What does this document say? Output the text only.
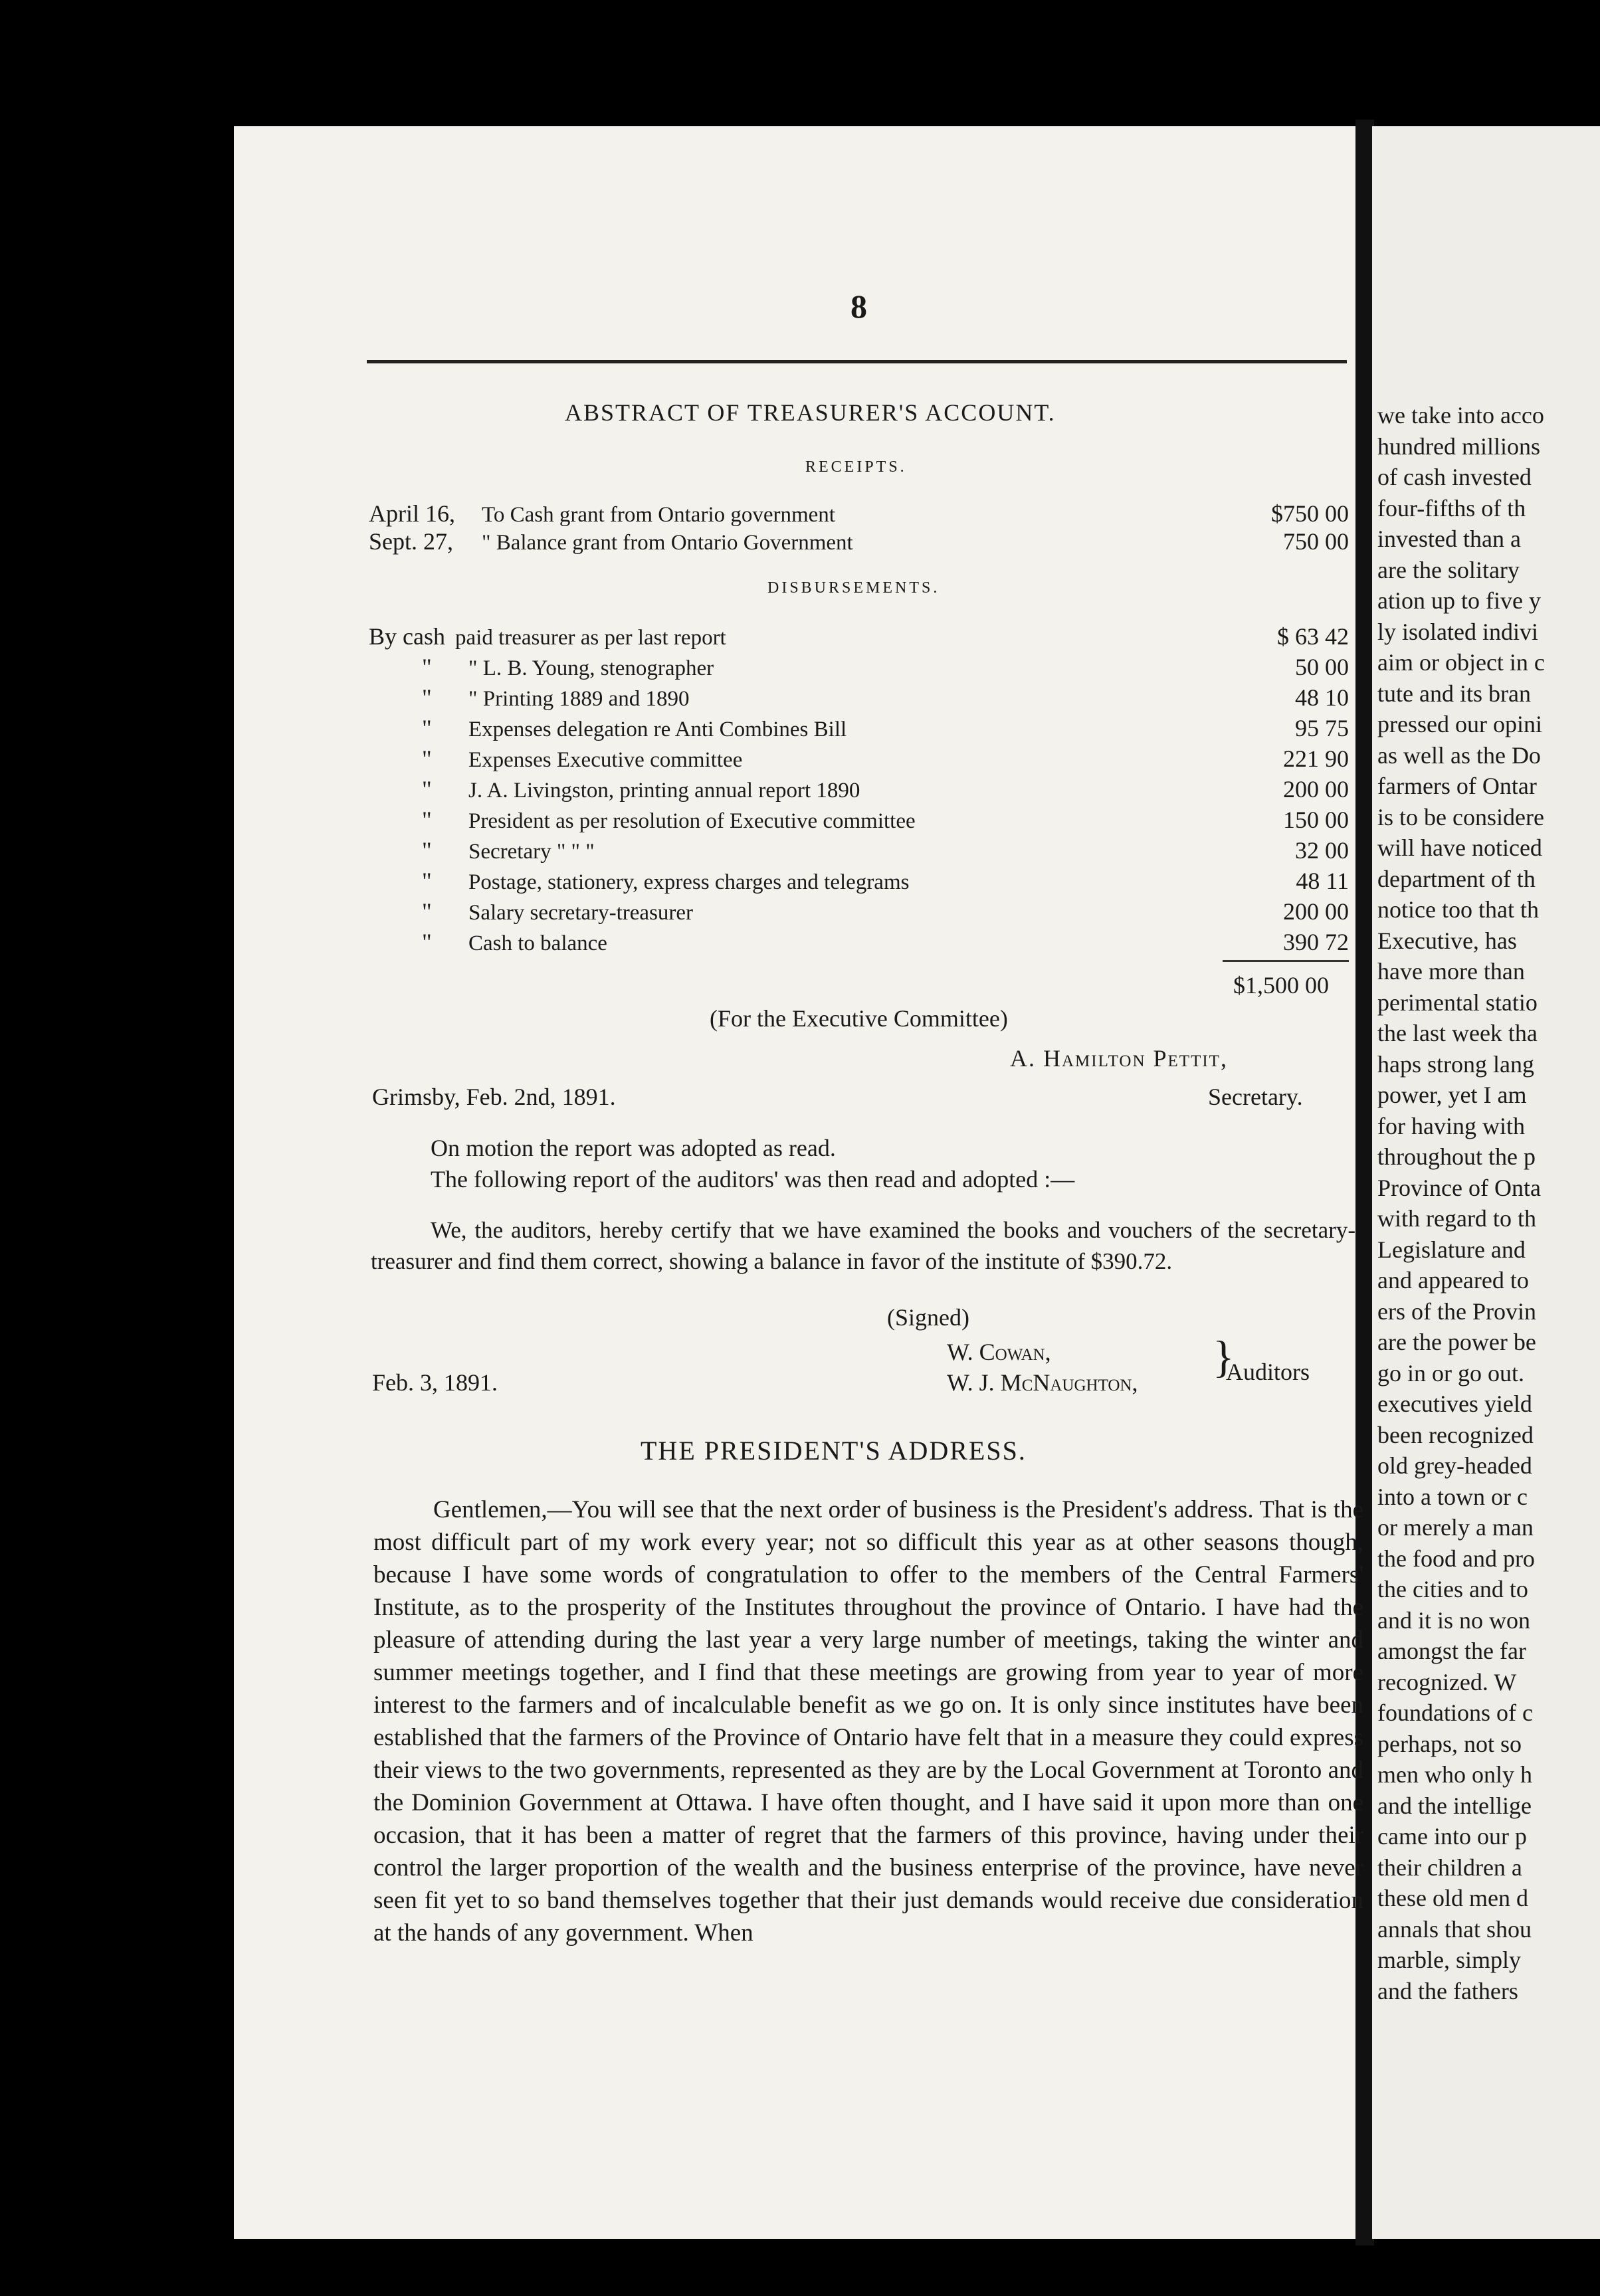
we take into acco
hundred millions
of cash invested
four-fifths of th
invested than a
are the solitary
ation up to five y
ly isolated indivi
aim or object in c
tute and its bran
pressed our opini
as well as the Do
farmers of Ontar
is to be considere
will have noticed
department of th
notice too that th
Executive, has
have more than
perimental statio
the last week tha
haps strong lang
power, yet I am
for having with
throughout the p
Province of Onta
with regard to th
Legislature and
and appeared to
ers of the Provin
are the power be
go in or go out.
executives yield
been recognized
old grey-headed
into a town or c
or merely a man
the food and pro
the cities and to
and it is no won
amongst the far
recognized. W
foundations of c
perhaps, not so
men who only h
and the intellige
came into our p
their children a
these old men d
annals that shou
marble, simply
and the fathers
8
ABSTRACT OF TREASURER'S ACCOUNT.
RECEIPTS.
April 16, To Cash grant from Ontario government	$750 00
Sept. 27, " Balance grant from Ontario Government	750 00
DISBURSEMENTS.
By cash paid treasurer as per last report	$ 63 42
" " L. B. Young, stenographer	50 00
" " Printing 1889 and 1890	48 10
" Expenses delegation re Anti Combines Bill	95 75
" Expenses Executive committee	221 90
" J. A. Livingston, printing annual report 1890	200 00
" President as per resolution of Executive committee	150 00
" Secretary " " "	32 00
" Postage, stationery, express charges and telegrams	48 11
" Salary secretary-treasurer	200 00
" Cash to balance	390 72
$1,500 00
(For the Executive Committee)
A. Hamilton Pettit,
Grimsby, Feb. 2nd, 1891.	Secretary.
On motion the report was adopted as read.
The following report of the auditors' was then read and adopted :—
We, the auditors, hereby certify that we have examined the books and vouchers of the secretary-treasurer and find them correct, showing a balance in favor of the institute of $390.72.
(Signed)
W. Cowan,
W. J. McNaughton,
}
Auditors
Feb. 3, 1891.
THE PRESIDENT'S ADDRESS.
Gentlemen,—You will see that the next order of business is the President's address. That is the most difficult part of my work every year; not so difficult this year as at other seasons though, because I have some words of congratulation to offer to the members of the Central Farmers' Institute, as to the prosperity of the Institutes throughout the province of Ontario. I have had the pleasure of attending during the last year a very large number of meetings, taking the winter and summer meetings together, and I find that these meetings are growing from year to year of more interest to the farmers and of incalculable benefit as we go on. It is only since institutes have been established that the farmers of the Province of Ontario have felt that in a measure they could express their views to the two governments, represented as they are by the Local Government at Toronto and the Dominion Government at Ottawa. I have often thought, and I have said it upon more than one occasion, that it has been a matter of regret that the farmers of this province, having under their control the larger proportion of the wealth and the business enterprise of the province, have never seen fit yet to so band themselves together that their just demands would receive due consideration at the hands of any government. When
